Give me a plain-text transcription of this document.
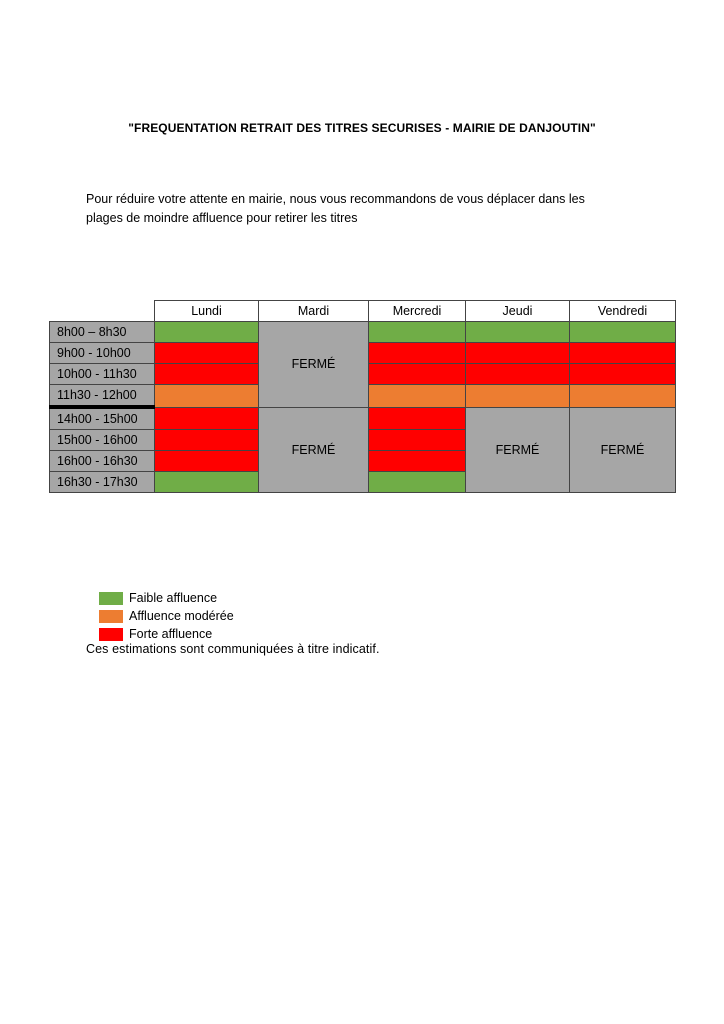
"FREQUENTATION RETRAIT DES TITRES SECURISES - MAIRIE DE DANJOUTIN"

Pour réduire votre attente en mairie, nous vous recommandons de vous déplacer dans les

plages de moindre affluence pour retirer les titres

	Lundi	Mardi	Mercredi	Jeudi	Vendredi
8h00 – 8h30		FERMÉ			
9h00 - 10h00					
10h00 - 11h30					
11h30 - 12h00					
14h00 - 15h00		FERMÉ		FERMÉ	FERMÉ
15h00 - 16h00					
16h00 - 16h30					
16h30 - 17h30					
Faible affluence
Affluence modérée
Forte affluence
Ces estimations sont communiquées à titre indicatif.
